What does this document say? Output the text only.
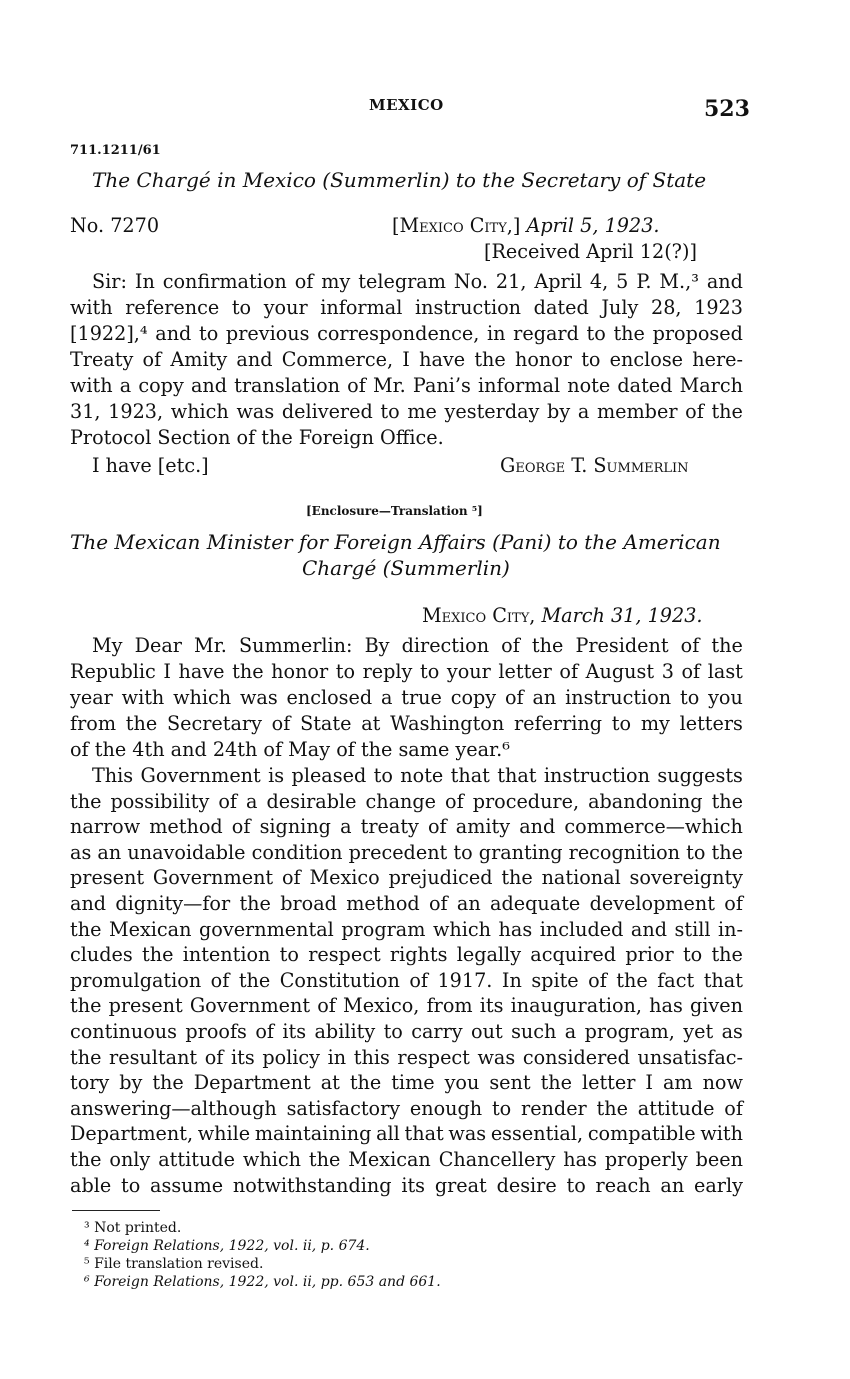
MEXICO	523
711.1211/61
The Chargé in Mexico (Summerlin) to the Secretary of State
No. 7270	[Mexico City,] April 5, 1923.
[Received April 12(?)]
Sir: In confirmation of my telegram No. 21, April 4, 5 P. M.,³ and
with reference to your informal instruction dated July 28, 1923
[1922],⁴ and to previous correspondence, in regard to the proposed
Treaty of Amity and Commerce, I have the honor to enclose here-
with a copy and translation of Mr. Pani’s informal note dated March
31, 1923, which was delivered to me yesterday by a member of the
Protocol Section of the Foreign Office.
I have [etc.]	George T. Summerlin
[Enclosure—Translation ⁵]
The Mexican Minister for Foreign Affairs (Pani) to the American
Chargé (Summerlin)
Mexico City, March 31, 1923.
My Dear Mr. Summerlin: By direction of the President of the
Republic I have the honor to reply to your letter of August 3 of last
year with which was enclosed a true copy of an instruction to you
from the Secretary of State at Washington referring to my letters
of the 4th and 24th of May of the same year.⁶
This Government is pleased to note that that instruction suggests
the possibility of a desirable change of procedure, abandoning the
narrow method of signing a treaty of amity and commerce—which
as an unavoidable condition precedent to granting recognition to the
present Government of Mexico prejudiced the national sovereignty
and dignity—for the broad method of an adequate development of
the Mexican governmental program which has included and still in-
cludes the intention to respect rights legally acquired prior to the
promulgation of the Constitution of 1917. In spite of the fact that
the present Government of Mexico, from its inauguration, has given
continuous proofs of its ability to carry out such a program, yet as
the resultant of its policy in this respect was considered unsatisfac-
tory by the Department at the time you sent the letter I am now
answering—although satisfactory enough to render the attitude of
Department, while maintaining all that was essential, compatible with
the only attitude which the Mexican Chancellery has properly been
able to assume notwithstanding its great desire to reach an early
³ Not printed.
⁴ Foreign Relations, 1922, vol. ii, p. 674.
⁵ File translation revised.
⁶ Foreign Relations, 1922, vol. ii, pp. 653 and 661.
